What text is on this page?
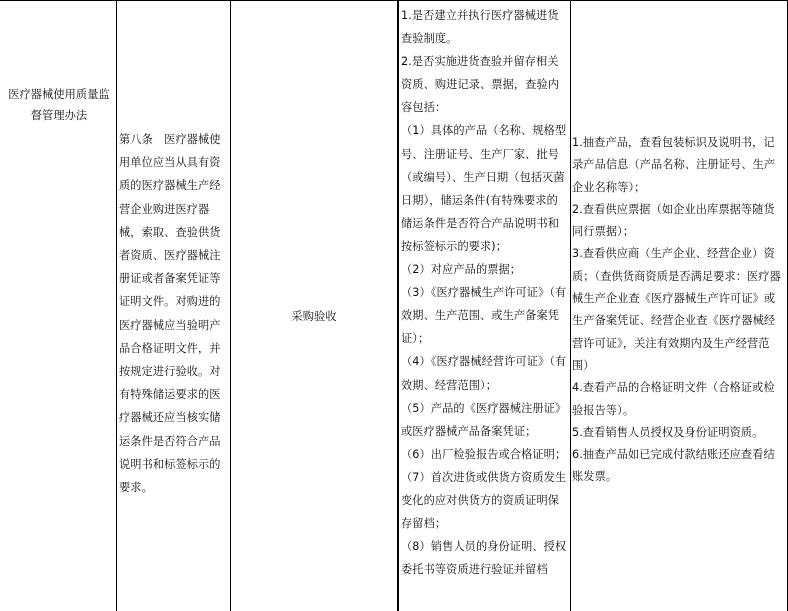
医疗器械使用质量监督管理办法
第八条　医疗器械使用单位应当从具有资质的医疗器械生产经营企业购进医疗器械，索取、查验供货者资质、医疗器械注册证或者备案凭证等证明文件。对购进的医疗器械应当验明产品合格证明文件，并按规定进行验收。对有特殊储运要求的医疗器械还应当核实储运条件是否符合产品说明书和标签标示的要求。
采购验收
1.是否建立并执行医疗器械进货查验制度。
2.是否实施进货查验并留存相关资质、购进记录、票据，查验内容包括：
（1）具体的产品（名称、规格型号、注册证号、生产厂家、批号（或编号）、生产日期（包括灭菌日期），储运条件(有特殊要求的储运条件是否符合产品说明书和按标签标示的要求)；
（2）对应产品的票据；
（3）《医疗器械生产许可证》（有效期、生产范围、或生产备案凭证）；
（4）《医疗器械经营许可证》（有效期、经营范围）；
（5）产品的《医疗器械注册证》或医疗器械产品备案凭证；
（6）出厂检验报告或合格证明；
（7）首次进货或供货方资质发生变化的应对供货方的资质证明保存留档；
（8）销售人员的身份证明、授权委托书等资质进行验证并留档
1.抽查产品，查看包装标识及说明书，记录产品信息（产品名称、注册证号、生产企业名称等）；
2.查看供应票据（如企业出库票据等随货同行票据）；
3.查看供应商（生产企业、经营企业）资质；（查供货商资质是否满足要求：医疗器械生产企业查《医疗器械生产许可证》或生产备案凭证、经营企业查《医疗器械经营许可证》，关注有效期内及生产经营范围）
4.查看产品的合格证明文件（合格证或检验报告等）。
5.查看销售人员授权及身份证明资质。
6.抽查产品如已完成付款结账还应查看结账发票。
